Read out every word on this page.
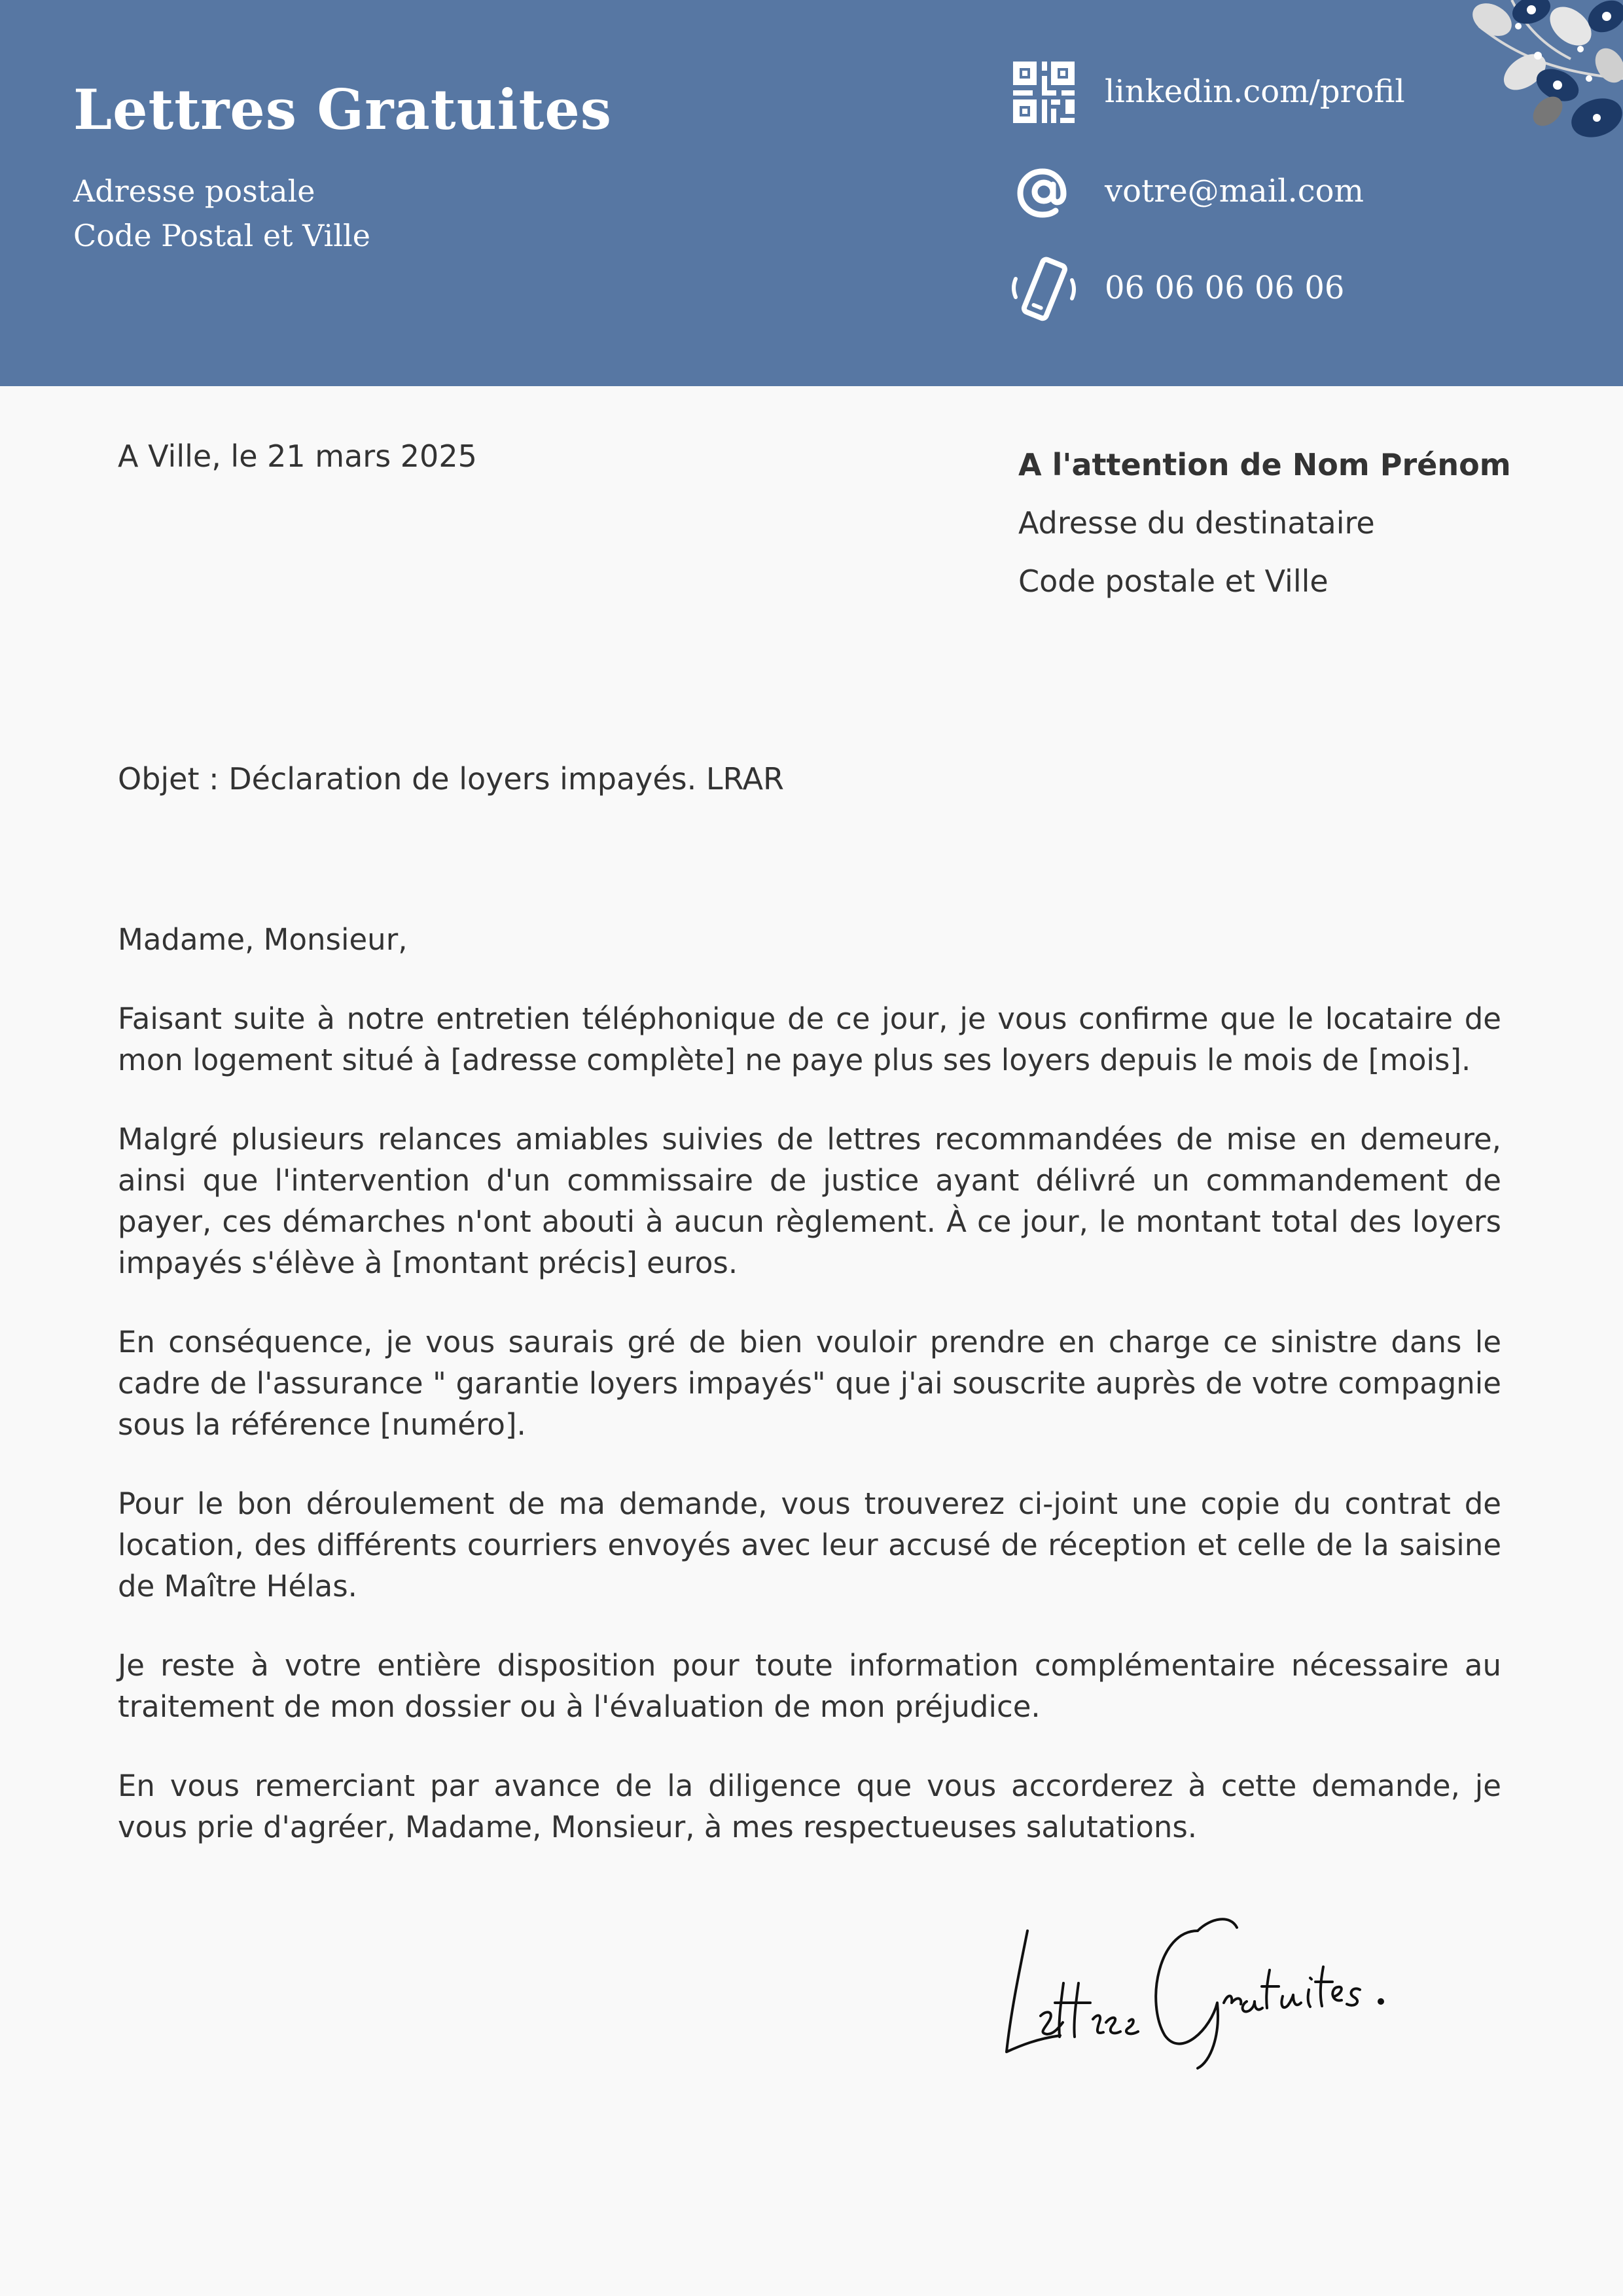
Lettres Gratuites
Adresse postale
Code Postal et Ville
linkedin.com/profil
votre@mail.com
06 06 06 06 06
A Ville, le 21 mars 2025	A l'attention de Nom Prénom
Adresse du destinataire
Code postale et Ville
Objet : Déclaration de loyers impayés. LRAR

Madame, Monsieur,

Faisant suite à notre entretien téléphonique de ce jour, je vous confirme que le locataire de mon logement situé à [adresse complète] ne paye plus ses loyers depuis le mois de [mois].

Malgré plusieurs relances amiables suivies de lettres recommandées de mise en demeure, ainsi que l'intervention d'un commissaire de justice ayant délivré un commandement de payer, ces démarches n'ont abouti à aucun règlement. À ce jour, le montant total des loyers impayés s'élève à [montant précis] euros.

En conséquence, je vous saurais gré de bien vouloir prendre en charge ce sinistre dans le cadre de l'assurance " garantie loyers impayés" que j'ai souscrite auprès de votre compagnie sous la référence [numéro].

Pour le bon déroulement de ma demande, vous trouverez ci-joint une copie du contrat de location, des différents courriers envoyés avec leur accusé de réception et celle de la saisine de Maître Hélas.

Je reste à votre entière disposition pour toute information complémentaire nécessaire au traitement de mon dossier ou à l'évaluation de mon préjudice.

En vous remerciant par avance de la diligence que vous accorderez à cette demande, je vous prie d'agréer, Madame, Monsieur, à mes respectueuses salutations.
